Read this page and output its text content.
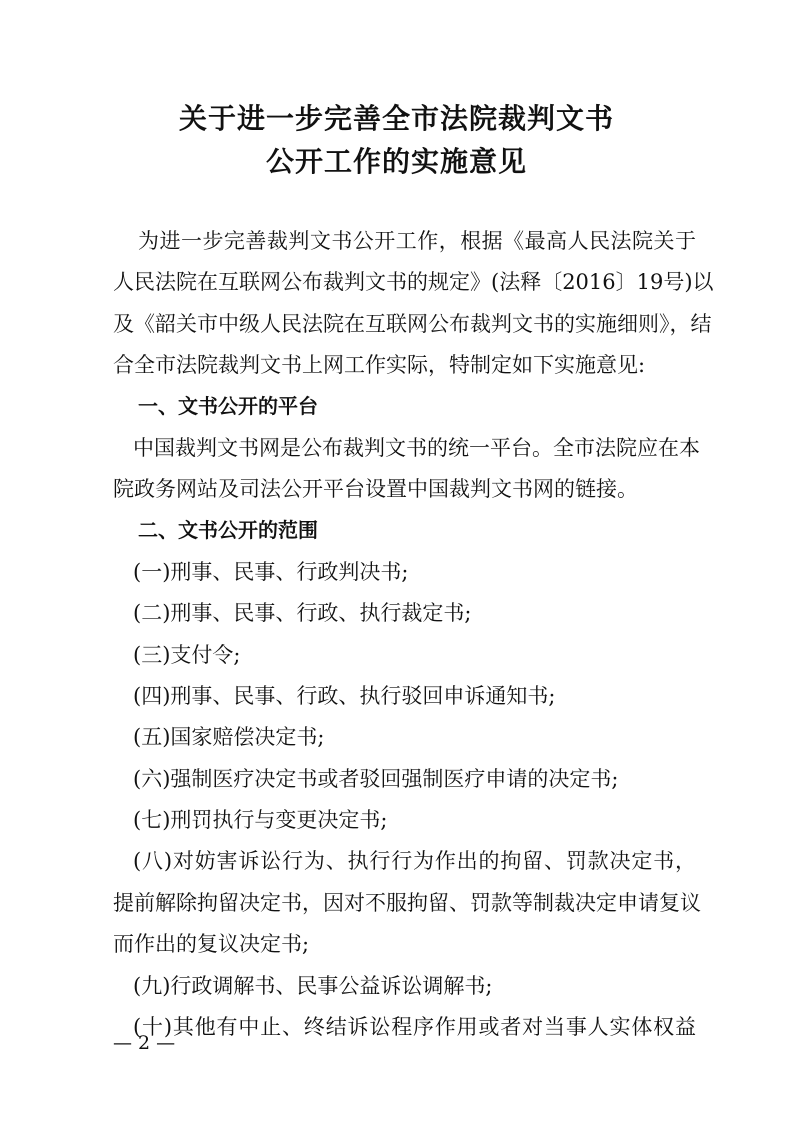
关于进一步完善全市法院裁判文书
公开工作的实施意见
为进一步完善裁判文书公开工作，根据《最高人民法院关于
人民法院在互联网公布裁判文书的规定》(法释〔2016〕19号)以
及《韶关市中级人民法院在互联网公布裁判文书的实施细则》，结
合全市法院裁判文书上网工作实际，特制定如下实施意见:
一、文书公开的平台
中国裁判文书网是公布裁判文书的统一平台。全市法院应在本
院政务网站及司法公开平台设置中国裁判文书网的链接。
二、文书公开的范围
(一)刑事、民事、行政判决书;
(二)刑事、民事、行政、执行裁定书;
(三)支付令;
(四)刑事、民事、行政、执行驳回申诉通知书;
(五)国家赔偿决定书;
(六)强制医疗决定书或者驳回强制医疗申请的决定书;
(七)刑罚执行与变更决定书;
(八)对妨害诉讼行为、执行行为作出的拘留、罚款决定书，
提前解除拘留决定书，因对不服拘留、罚款等制裁决定申请复议
而作出的复议决定书;
(九)行政调解书、民事公益诉讼调解书;
(十)其他有中止、终结诉讼程序作用或者对当事人实体权益
— 2 —
